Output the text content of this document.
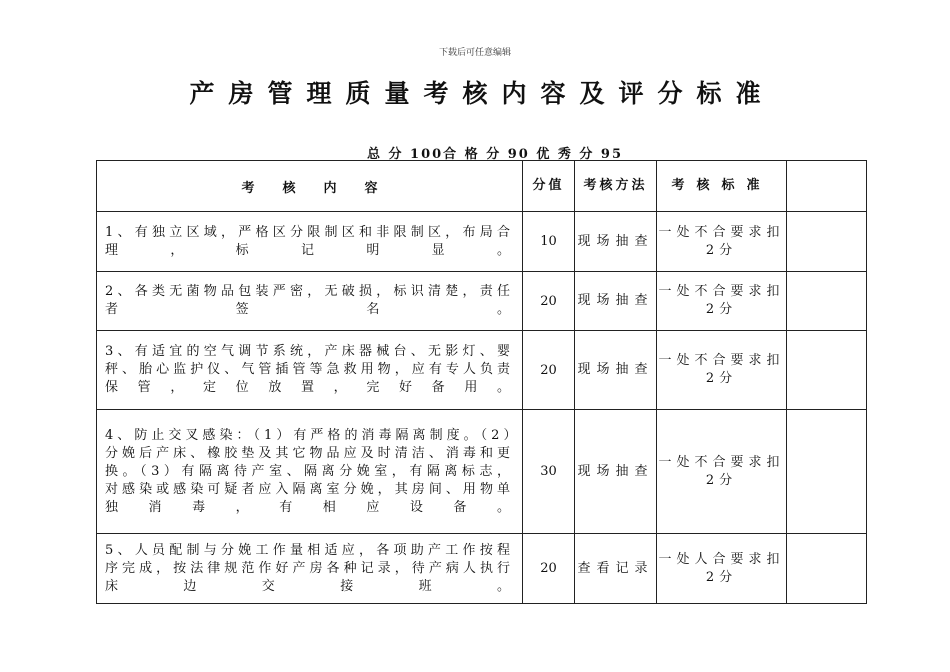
下载后可任意编辑
产房管理质量考核内容及评分标准
总 分 100合 格 分 90 优 秀 分 95
考核内容	分值	考核方法	考核标准	
1、有独立区域，严格区分限制区和非限制区，布局合理，标记明显。	10	现场抽查	一处不合要求扣2分	
2、各类无菌物品包装严密，无破损，标识清楚，责任者签名。	20	现场抽查	一处不合要求扣2分	
3、有适宜的空气调节系统，产床器械台、无影灯、婴秤、胎心监护仪、气管插管等急救用物，应有专人负责保管，定位放置，完好备用。	20	现场抽查	一处不合要求扣2分	
4、防止交叉感染：（1）有严格的消毒隔离制度。（2）分娩后产床、橡胶垫及其它物品应及时清洁、消毒和更换。（3）有隔离待产室、隔离分娩室，有隔离标志，对感染或感染可疑者应入隔离室分娩，其房间、用物单独消毒，有相应设备。	30	现场抽查	一处不合要求扣2分	
5、人员配制与分娩工作量相适应，各项助产工作按程序完成，按法律规范作好产房各种记录，待产病人执行床边交接班。	20	查看记录	一处人合要求扣2分	
